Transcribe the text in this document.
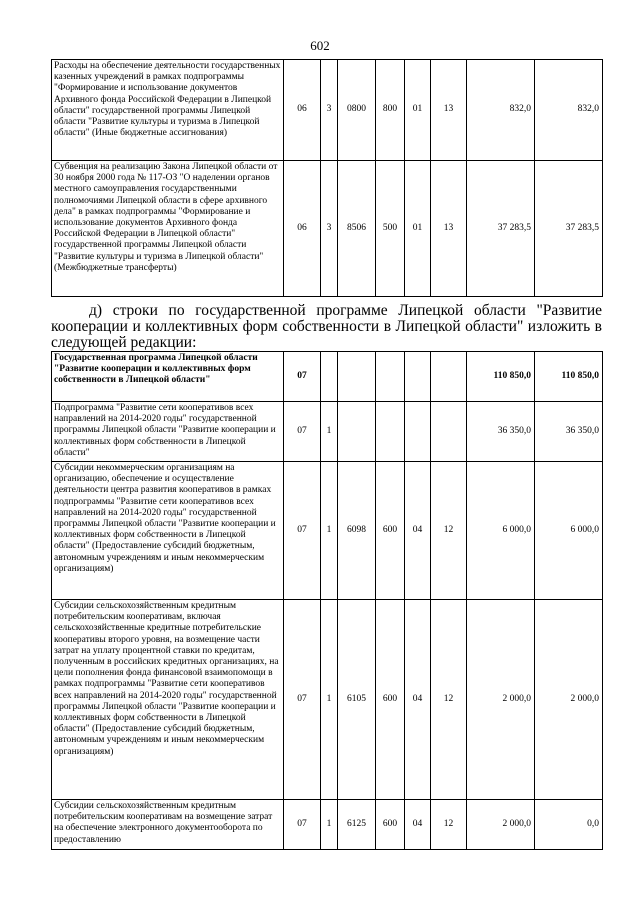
602
Расходы на обеспечение деятельности государственных казенных учреждений в рамках подпрограммы "Формирование и использование документов Архивного фонда Российской Федерации в Липецкой области" государственной программы Липецкой области "Развитие культуры и туризма в Липецкой области" (Иные бюджетные ассигнования)	06	3	0800	800	01	13	832,0	832,0
Субвенция на реализацию Закона Липецкой области от 30 ноября 2000 года № 117-ОЗ "О наделении органов местного самоуправления государственными полномочиями Липецкой области в сфере архивного дела" в рамках подпрограммы "Формирование и использование документов Архивного фонда Российской Федерации в Липецкой области" государственной программы Липецкой области "Развитие культуры и туризма в Липецкой области" (Межбюджетные трансферты)	06	3	8506	500	01	13	37 283,5	37 283,5
д) строки по государственной программе Липецкой области "Развитие кооперации и коллективных форм собственности в Липецкой области" изложить в следующей редакции:
Государственная программа Липецкой области "Развитие кооперации и коллективных форм собственности в Липецкой области"	07						110 850,0	110 850,0
Подпрограмма "Развитие сети кооперативов всех направлений на 2014-2020 годы" государственной программы Липецкой области "Развитие кооперации и коллективных форм собственности в Липецкой области"	07	1					36 350,0	36 350,0
Субсидии некоммерческим организациям на организацию, обеспечение и осуществление деятельности центра развития кооперативов в рамках подпрограммы "Развитие сети кооперативов всех направлений на 2014-2020 годы" государственной программы Липецкой области "Развитие кооперации и коллективных форм собственности в Липецкой области" (Предоставление субсидий бюджетным, автономным учреждениям и иным некоммерческим организациям)	07	1	6098	600	04	12	6 000,0	6 000,0
Субсидии сельскохозяйственным кредитным потребительским кооперативам, включая сельскохозяйственные кредитные потребительские кооперативы второго уровня, на возмещение части затрат на уплату процентной ставки по кредитам, полученным в российских кредитных организациях, на цели пополнения фонда финансовой взаимопомощи в рамках подпрограммы "Развитие сети кооперативов всех направлений на 2014-2020 годы" государственной программы Липецкой области "Развитие кооперации и коллективных форм собственности в Липецкой области" (Предоставление субсидий бюджетным, автономным учреждениям и иным некоммерческим организациям)	07	1	6105	600	04	12	2 000,0	2 000,0
Субсидии сельскохозяйственным кредитным потребительским кооперативам на возмещение затрат на обеспечение электронного документооборота по предоставлению	07	1	6125	600	04	12	2 000,0	0,0
